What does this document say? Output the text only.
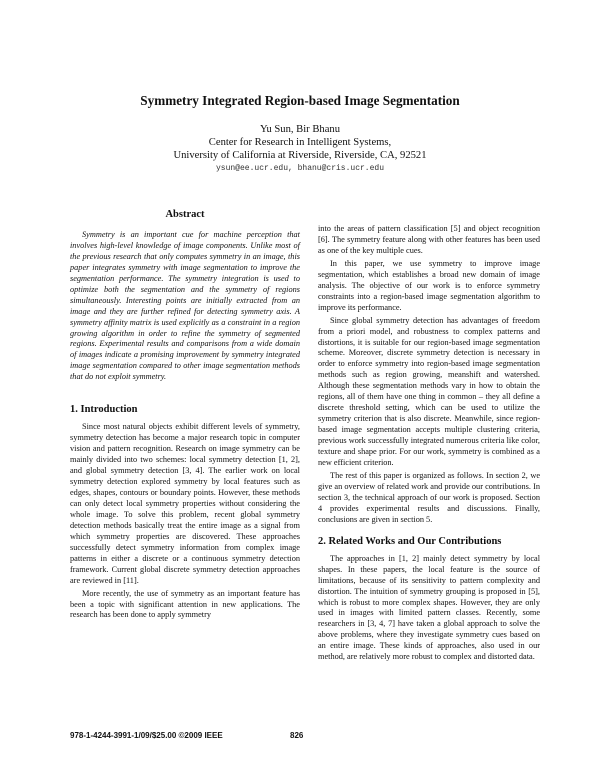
Symmetry Integrated Region-based Image Segmentation
Yu Sun, Bir Bhanu
Center for Research in Intelligent Systems,
University of California at Riverside, Riverside, CA, 92521
ysun@ee.ucr.edu, bhanu@cris.ucr.edu
Abstract

Symmetry is an important cue for machine perception that involves high-level knowledge of image components. Unlike most of the previous research that only computes symmetry in an image, this paper integrates symmetry with image segmentation to improve the segmentation performance. The symmetry integration is used to optimize both the segmentation and the symmetry of regions simultaneously. Interesting points are initially extracted from an image and they are further refined for detecting symmetry axis. A symmetry affinity matrix is used explicitly as a constraint in a region growing algorithm in order to refine the symmetry of segmented regions. Experimental results and comparisons from a wide domain of images indicate a promising improvement by symmetry integrated image segmentation compared to other image segmentation methods that do not exploit symmetry.

1. Introduction

Since most natural objects exhibit different levels of symmetry, symmetry detection has become a major research topic in computer vision and pattern recognition. Research on image symmetry can be mainly divided into two schemes: local symmetry detection [1, 2], and global symmetry detection [3, 4]. The earlier work on local symmetry detection explored symmetry by local features such as edges, shapes, contours or boundary points. However, these methods can only detect local symmetry properties without considering the whole image. To solve this problem, recent global symmetry detection methods basically treat the entire image as a signal from which symmetry properties are discovered. These approaches successfully detect symmetry information from complex image patterns in either a discrete or a continuous symmetry detection framework. Current global discrete symmetry detection approaches are reviewed in [11].

More recently, the use of symmetry as an important feature has been a topic with significant attention in new applications. The research has been done to apply symmetry

into the areas of pattern classification [5] and object recognition [6]. The symmetry feature along with other features has been used as one of the key multiple cues.

In this paper, we use symmetry to improve image segmentation, which establishes a broad new domain of image analysis. The objective of our work is to enforce symmetry constraints into a region-based image segmentation algorithm to improve its performance.

Since global symmetry detection has advantages of freedom from a priori model, and robustness to complex patterns and distortions, it is suitable for our region-based image segmentation scheme. Moreover, discrete symmetry detection is necessary in order to enforce symmetry into region-based image segmentation methods such as region growing, meanshift and watershed. Although these segmentation methods vary in how to obtain the regions, all of them have one thing in common – they all define a discrete threshold setting, which can be used to utilize the symmetry criterion that is also discrete. Meanwhile, since region-based image segmentation accepts multiple clustering criteria, previous work successfully integrated numerous criteria like color, texture and shape prior. For our work, symmetry is combined as a new efficient criterion.

The rest of this paper is organized as follows. In section 2, we give an overview of related work and provide our contributions. In section 3, the technical approach of our work is proposed. Section 4 provides experimental results and discussions. Finally, conclusions are given in section 5.

2. Related Works and Our Contributions

The approaches in [1, 2] mainly detect symmetry by local shapes. In these papers, the local feature is the source of limitations, because of its sensitivity to pattern complexity and distortion. The intuition of symmetry grouping is proposed in [5], which is robust to more complex shapes. However, they are only used in images with limited pattern classes. Recently, some researchers in [3, 4, 7] have taken a global approach to solve the above problems, where they investigate symmetry cues based on an entire image. These kinds of approaches, also used in our method, are relatively more robust to complex and distorted data.

978-1-4244-3991-1/09/$25.00 ©2009 IEEE	826
